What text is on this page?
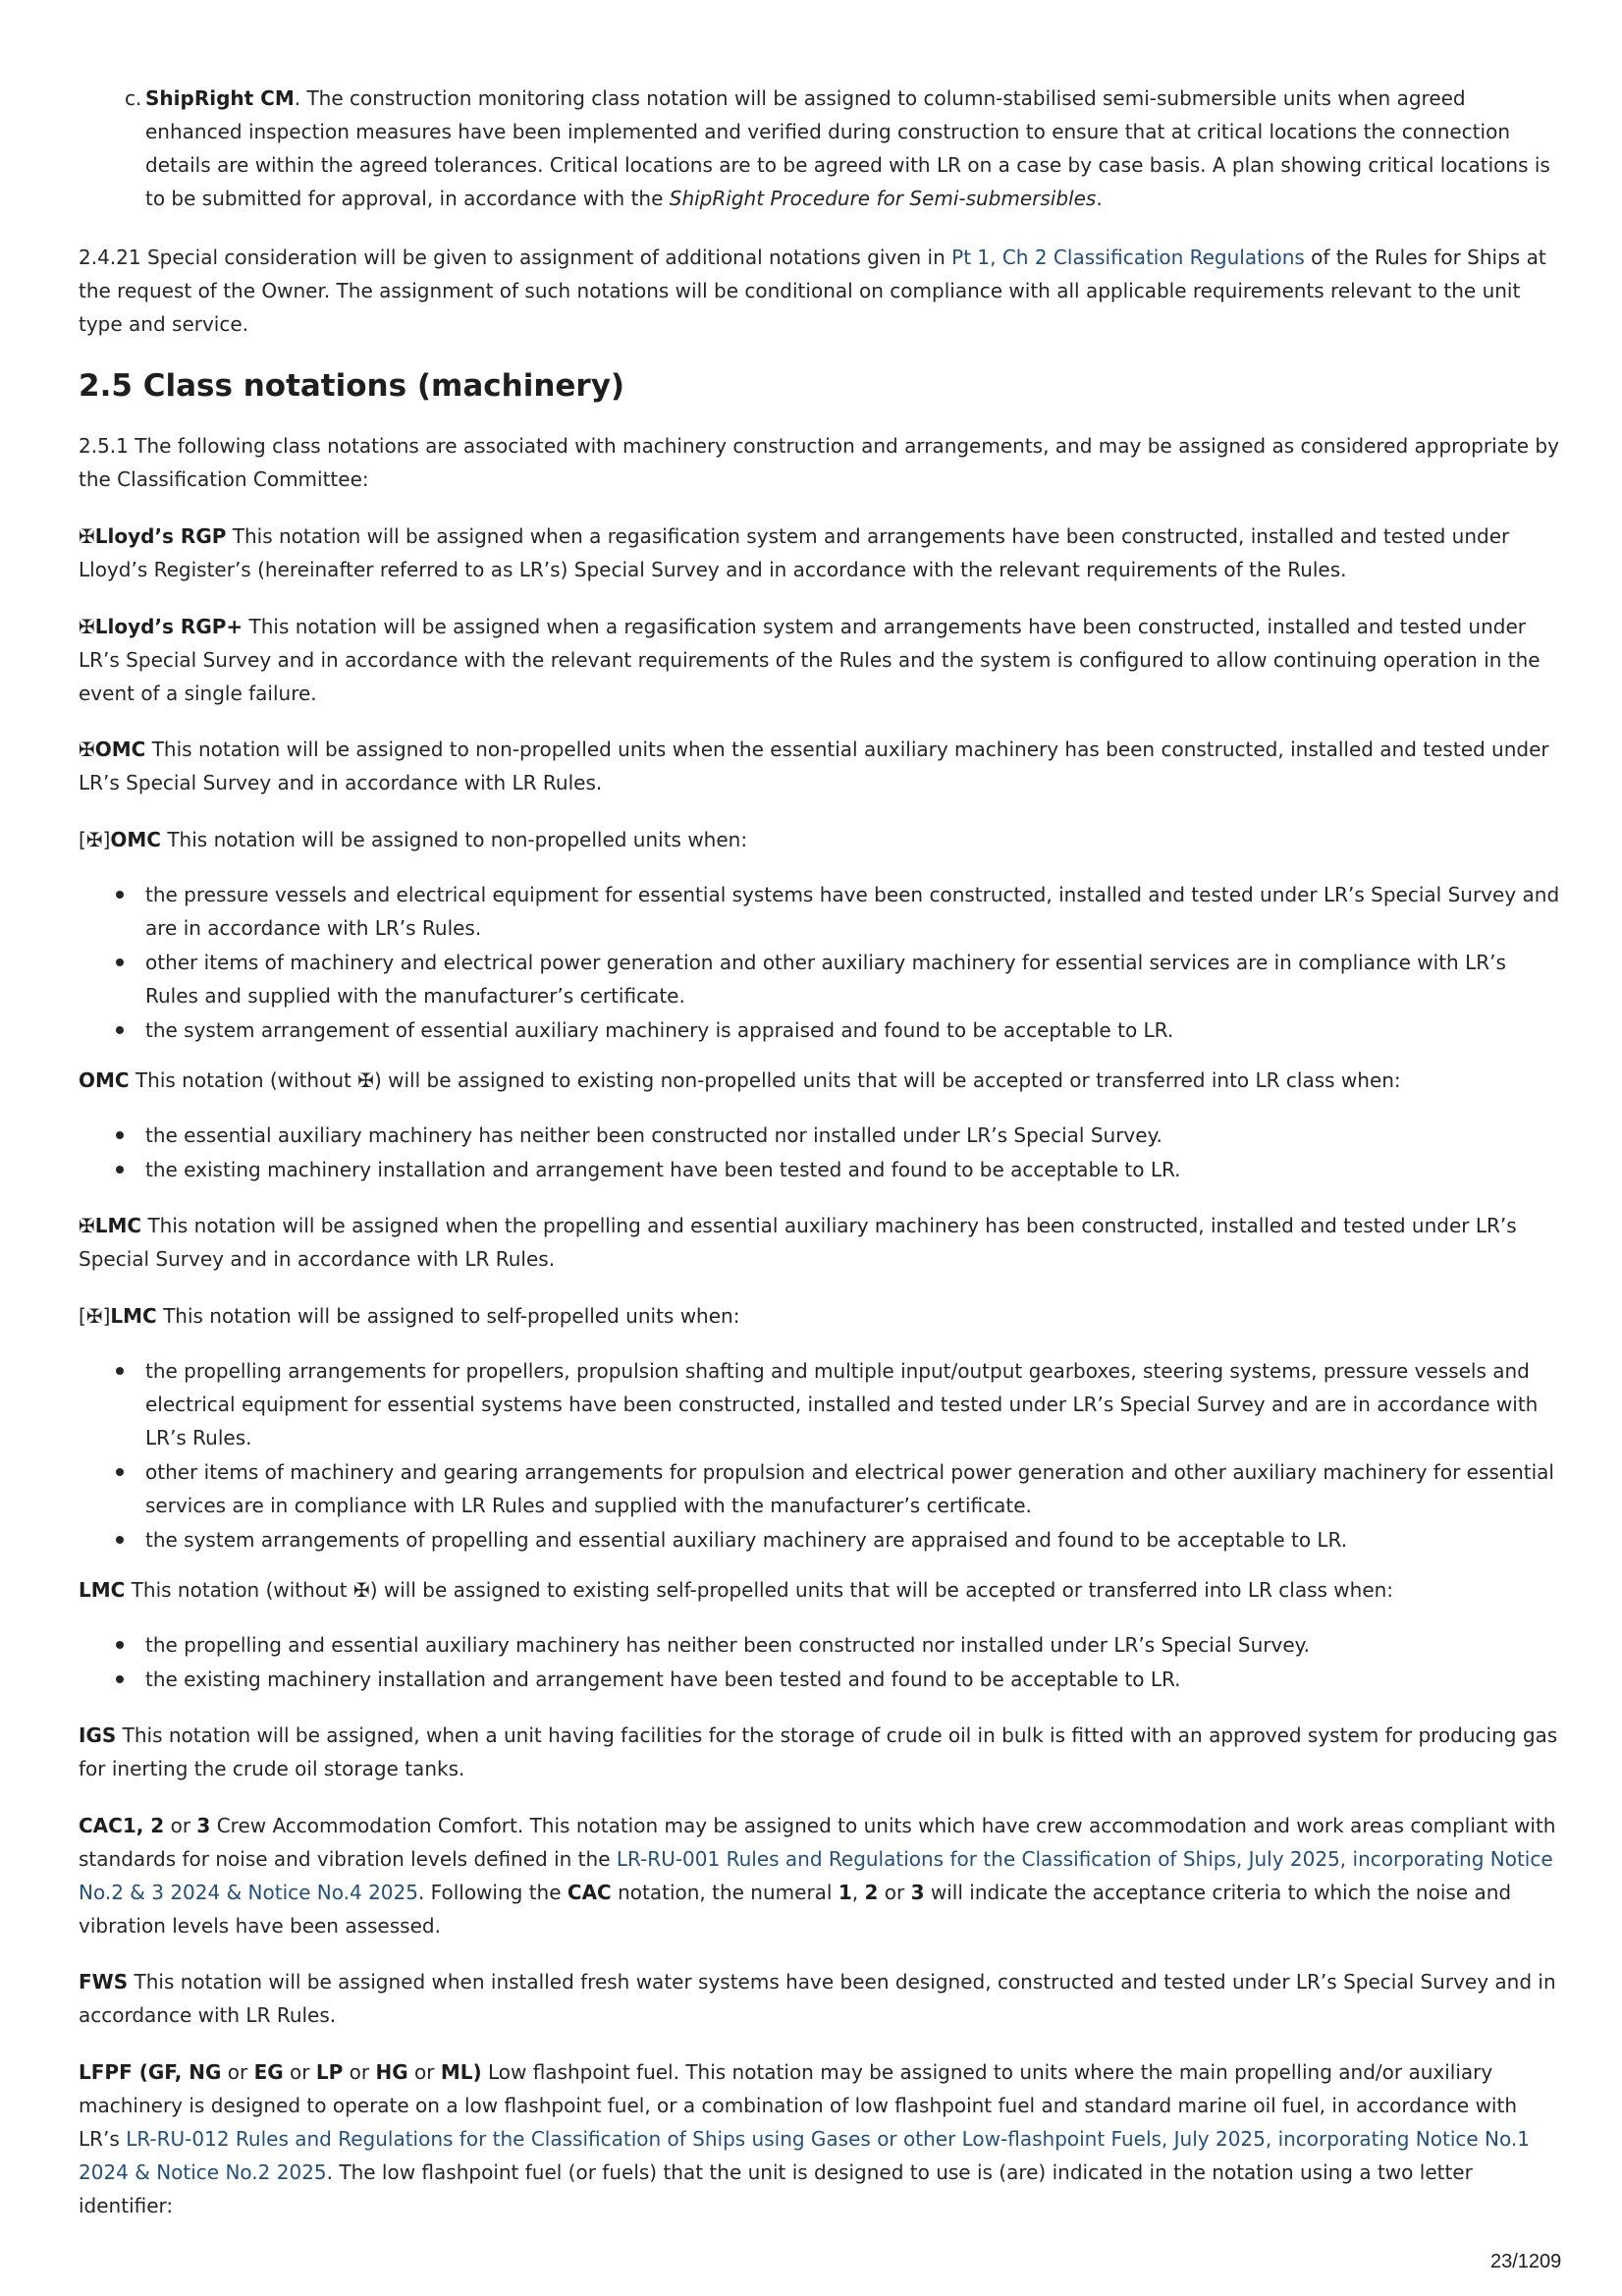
c. ShipRight CM. The construction monitoring class notation will be assigned to column-stabilised semi-submersible units when agreed enhanced inspection measures have been implemented and verified during construction to ensure that at critical locations the connection details are within the agreed tolerances. Critical locations are to be agreed with LR on a case by case basis. A plan showing critical locations is to be submitted for approval, in accordance with the ShipRight Procedure for Semi-submersibles.

2.4.21 Special consideration will be given to assignment of additional notations given in Pt 1, Ch 2 Classification Regulations of the Rules for Ships at the request of the Owner. The assignment of such notations will be conditional on compliance with all applicable requirements relevant to the unit type and service.

2.5 Class notations (machinery)

2.5.1 The following class notations are associated with machinery construction and arrangements, and may be assigned as considered appropriate by the Classification Committee:

✠Lloyd’s RGP This notation will be assigned when a regasification system and arrangements have been constructed, installed and tested under Lloyd’s Register’s (hereinafter referred to as LR’s) Special Survey and in accordance with the relevant requirements of the Rules.

✠Lloyd’s RGP+ This notation will be assigned when a regasification system and arrangements have been constructed, installed and tested under LR’s Special Survey and in accordance with the relevant requirements of the Rules and the system is configured to allow continuing operation in the event of a single failure.

✠OMC This notation will be assigned to non-propelled units when the essential auxiliary machinery has been constructed, installed and tested under LR’s Special Survey and in accordance with LR Rules.

[✠]OMC This notation will be assigned to non-propelled units when:

the pressure vessels and electrical equipment for essential systems have been constructed, installed and tested under LR’s Special Survey and are in accordance with LR’s Rules.
other items of machinery and electrical power generation and other auxiliary machinery for essential services are in compliance with LR’s Rules and supplied with the manufacturer’s certificate.
the system arrangement of essential auxiliary machinery is appraised and found to be acceptable to LR.

OMC This notation (without ✠) will be assigned to existing non-propelled units that will be accepted or transferred into LR class when:

the essential auxiliary machinery has neither been constructed nor installed under LR’s Special Survey.
the existing machinery installation and arrangement have been tested and found to be acceptable to LR.

✠LMC This notation will be assigned when the propelling and essential auxiliary machinery has been constructed, installed and tested under LR’s Special Survey and in accordance with LR Rules.

[✠]LMC This notation will be assigned to self-propelled units when:

the propelling arrangements for propellers, propulsion shafting and multiple input/output gearboxes, steering systems, pressure vessels and electrical equipment for essential systems have been constructed, installed and tested under LR’s Special Survey and are in accordance with LR’s Rules.
other items of machinery and gearing arrangements for propulsion and electrical power generation and other auxiliary machinery for essential services are in compliance with LR Rules and supplied with the manufacturer’s certificate.
the system arrangements of propelling and essential auxiliary machinery are appraised and found to be acceptable to LR.

LMC This notation (without ✠) will be assigned to existing self-propelled units that will be accepted or transferred into LR class when:

the propelling and essential auxiliary machinery has neither been constructed nor installed under LR’s Special Survey.
the existing machinery installation and arrangement have been tested and found to be acceptable to LR.

IGS This notation will be assigned, when a unit having facilities for the storage of crude oil in bulk is fitted with an approved system for producing gas for inerting the crude oil storage tanks.

CAC1, 2 or 3 Crew Accommodation Comfort. This notation may be assigned to units which have crew accommodation and work areas compliant with standards for noise and vibration levels defined in the LR-RU-001 Rules and Regulations for the Classification of Ships, July 2025, incorporating Notice No.2 & 3 2024 & Notice No.4 2025. Following the CAC notation, the numeral 1, 2 or 3 will indicate the acceptance criteria to which the noise and vibration levels have been assessed.

FWS This notation will be assigned when installed fresh water systems have been designed, constructed and tested under LR’s Special Survey and in accordance with LR Rules.

LFPF (GF, NG or EG or LP or HG or ML) Low flashpoint fuel. This notation may be assigned to units where the main propelling and/or auxiliary machinery is designed to operate on a low flashpoint fuel, or a combination of low flashpoint fuel and standard marine oil fuel, in accordance with LR’s LR-RU-012 Rules and Regulations for the Classification of Ships using Gases or other Low-flashpoint Fuels, July 2025, incorporating Notice No.1 2024 & Notice No.2 2025. The low flashpoint fuel (or fuels) that the unit is designed to use is (are) indicated in the notation using a two letter identifier:

23/1209
